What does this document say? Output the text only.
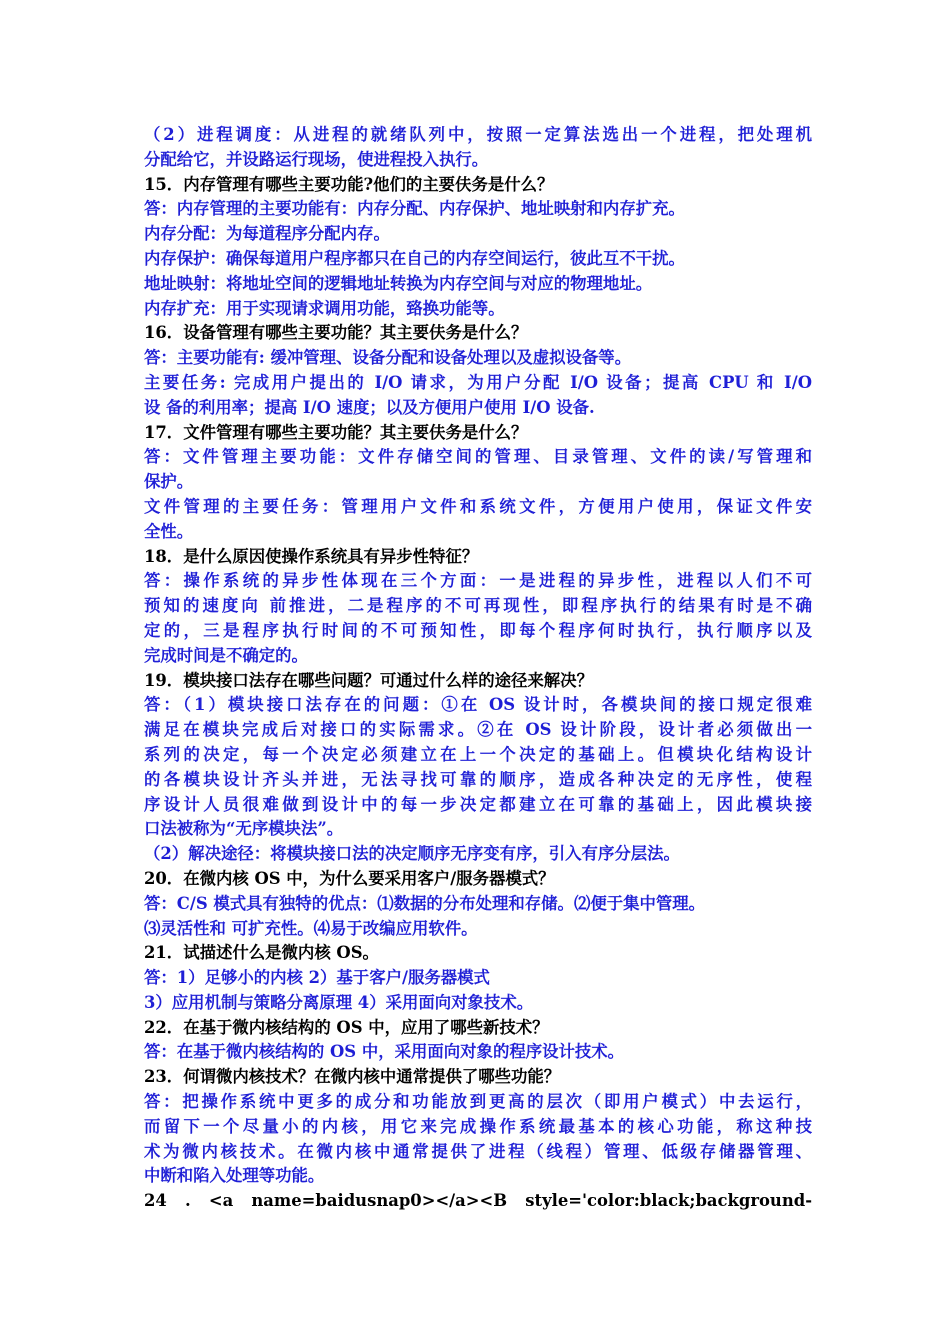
（2）进程调度：从进程的就绪队列中，按照一定算法选出一个进程，把处理机
分配给它，并设路运行现场，使进程投入执行。
15．内存管理有哪些主要功能?他们的主要伕务是什么？
答：内存管理的主要功能有：内存分配、内存保护、地址映射和内存扩充。
内存分配：为每道程序分配内存。
内存保护：确保每道用户程序都只在自己的内存空间运行，彼此互不干扰。
地址映射：将地址空间的逻辑地址转换为内存空间与对应的物理地址。
内存扩充：用于实现请求调用功能，臵换功能等。
16．设备管理有哪些主要功能？其主要伕务是什么？
答：主要功能有: 缓冲管理、设备分配和设备处理以及虚拟设备等。
主要任务: 完成用户提出的 I/O 请求，为用户分配 I/O 设备；提高 CPU 和 I/O
设 备的利用率；提高 I/O 速度；以及方便用户使用 I/O 设备.
17．文件管理有哪些主要功能？其主要伕务是什么？
答：文件管理主要功能：文件存储空间的管理、目录管理、文件的读/写管理和
保护。
文件管理的主要任务：管理用户文件和系统文件，方便用户使用，保证文件安
全性。
18．是什么原因使操作系统具有异步性特征？
答：操作系统的异步性体现在三个方面：一是进程的异步性，进程以人们不可
预知的速度向 前推进，二是程序的不可再现性，即程序执行的结果有时是不确
定的，三是程序执行时间的不可预知性，即每个程序何时执行，执行顺序以及
完成时间是不确定的。
19．模块接口法存在哪些问题？可通过什么样的途径来解决？
答：（1）模块接口法存在的问题：①在 OS 设计时，各模块间的接口规定很难
满足在模块完成后对接口的实际需求。②在 OS 设计阶段，设计者必须做出一
系列的决定，每一个决定必须建立在上一个决定的基础上。但模块化结构设计
的各模块设计齐头并进，无法寻找可靠的顺序，造成各种决定的无序性，使程
序设计人员很难做到设计中的每一步决定都建立在可靠的基础上，因此模块接
口法被称为“无序模块法”。
（2）解决途径：将模块接口法的决定顺序无序变有序，引入有序分层法。
20．在微内核 OS 中，为什么要采用客户/服务器模式？
答：C/S 模式具有独特的优点：⑴数据的分布处理和存储。⑵便于集中管理。
⑶灵活性和 可扩充性。⑷易于改编应用软件。
21．试描述什么是微内核 OS。
答：1）足够小的内核 2）基于客户/服务器模式
3）应用机制与策略分离原理 4）采用面向对象技术。
22．在基于微内核结构的 OS 中，应用了哪些新技术？
答：在基于微内核结构的 OS 中，采用面向对象的程序设计技术。
23．何谓微内核技术？在微内核中通常提供了哪些功能？
答：把操作系统中更多的成分和功能放到更高的层次（即用户模式）中去运行，
而留下一个尽量小的内核，用它来完成操作系统最基本的核心功能，称这种技
术为微内核技术。在微内核中通常提供了进程（线程）管理、低级存储器管理、
中断和陷入处理等功能。
24 . <a name=baidusnap0></a><B style='color:black;background-
